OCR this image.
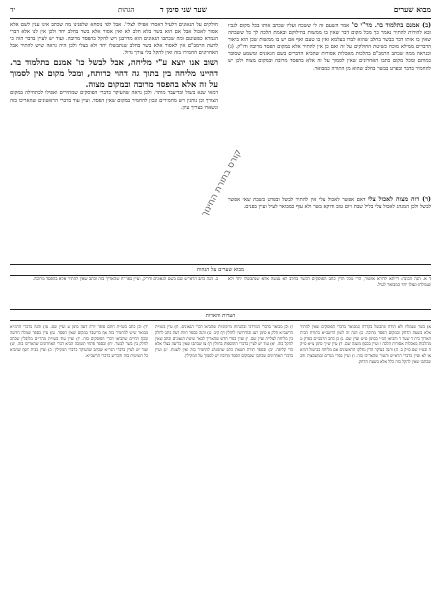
יד	הגהות	שער שני סימן ד	מבוא שערים
(ב) אמנם בתלמוד בר. מר"י כו' אמר השעם זה לי ששכח ועליו שכתב אותו בכל מקום לגביו ובא להורות להתיר נאמר כך מכל מקום דבר שאין בו ממשות בחילוקם ובאמת הלכה לך כל ששבתה שאין בו אותו דבר בבשר בחלב שהוא לבדו בעלמא ואין בו טעם ואף אם יש בו ממשות שכן הוא ביאור הדברים ממילא מוכח כשיטת החולקים על זה ואם כן אין להתיר אלא במקום הפסד מרובה ודו"ק. (ג) וכנראה ממה שכתב הרמב"ם בהלכות מאכלות אסורות שהביא הדברים בשם הגאונים ומשמע שסובר כמותם ומכל מקום כתבו האחרונים שאין לסמוך על זה אלא בהפסד מרובה ובמקום מצוה ולכן יש להחמיר בדבר ובפרט בבשר בחלב שהוא מן התורה כמבואר.
חולקים על הגאונים דלעיל דאסרו אפילו לצלי'. אבל לפי נוסחא שלפנינו מה שכתב אינו ענין לשם אלא אסור לאכול אבל אם הוא בשר בלא חלב לא ואין אסור אלא בשר בחלב יחד ולכן אין לנו אלא דברי הגמרא כפשוטם ומה שכתבו הגאונים הוא מדרבנן ויש להקל בהפסד מרובה. ועוד יש לעיין בדבר הזה כי לדעת הרמב"ם אין לאסור אלא בשר בחלב שנתבשלו יחד ולא בצלי ולכן היה נראה שיש להתיר אבל האחרונים החמירו בזה ואין להקל בלי צורך גדול.
ושוב אנו יוצא ע"י מליחה, אבל לבשל כו' אמנם בתלמוד בר. דהיינו מליחה בין בתוך גה דהוי כרותח, ומכל מקום אין לסמוך על זה אלא בהפסד מרובה ובמקום מצוה.
דמאי שנא בשול ובדיעבד מותר. ולכן נראה שהעיקר כדברי הפוסקים שמתירים ואפילו לכתחילה במקום הצורך וכן נוהגין ויש מחמירים ונכון להחמיר במקום שאין הפסד. ועיין עוד בדברי הראשונים שהאריכו בזה ונשארו בצריך עיון.
(ד) דוה מצוה לאכול צלי דאם אפשר לאכול צלי אין להתיר לבשל ובפרט בשבת שאי אפשר לבשל ולכן המנהג לאכול צלי בליל שבת ויום טוב ודוקא בשר ולא עוף כמבואר לעיל ועיין בפנים.
קורס בתורת החינוך
מבוא שערים על הגהות
ד א. הגה הכונה: דייתא לדורא אושור, הרי מכל הדין כתב הפוסקים דבשר בחלב לא נעשה אלא שנתבשלו יחד ולא שנמלחו ונצלו יחד כמבואר לעיל.
ב. הגה כתב הרא"ש שם בשם הגאונים ודו"ק, ועיין בפר"ח שהאריך בזה וכתב שאין להתיר אלא בהפסד מרובה.
הערות והארות
א) בשר שנמלח ולא הודח ונתבשל בקדרה כמבואר בדברי הפוסקים שאין להתיר אלא בשעת הדחק ובמקום הפסד מרובה. ב) הנה זה לשון הרשב"א בתורת הבית הארוך בית ד שער ד והביאו הב"י בסימן ס"ט ועיין שם. ג) כן כתב הרמב"ם בפרק ט מהלכות מאכלות אסורות הלכה ו ועיין בכסף משנה שם. ד) עיין ש"ך סימן צ"א ס"ק ה ובט"ז שם ס"ק ב. ה) והנה בעיקר הדין נחלקו הראשונים אם מליחה כבישול דמיא או לא ועיין בדברי הרא"ש והטור שהאריכו בזה. ו) ועיין בפרי מגדים ובמשבצות זהב שכתבו שאין להקל בזה כלל אלא בשעת הדחק.
ז) וכן מבואר בדברי המרדכי ובהגהות מיימוניות שהביאו דברי הגאונים. ח) עיין בשו"ת הרשב"א חלק א סימן רעג ובחידושיו לחולין דף קיב. ט) והנה בספר חוות דעת כתב לחלק בין מליחה לצלייה ועיין שם. י) ועיין בפרי חדש שהאריך לבאר שיטת הגאונים וכתב שאין להקל בזה. יא) עוד יש לעיין בדברי התוספות בחולין דף צז שכתבו שאין בליעה בצלי אלא כדי קליפה. יב) ובספר תורת חטאת כתב שהמנהג להחמיר בזה ואין לשנות. יג) ועיין בדברי האחרונים שכתבו שבמקום הפסד מרובה יש לסמוך על המקילין.
יד) וכן כתב בשו"ת חתם סופר יורה דעה סימן ע ועיין שם. טו) והנה בדברי הרמ"א מבואר שיש להחמיר בזה אף בדיעבד במקום שאין הפסד. טז) עיין בספר שמלה חדשה ובכף החיים שהביאו דברי הפוסקים בזה. יז) ועיין עוד בשו"ת מהר"ם מלובלין שכתב לחלק בין בשר לבשר. יח) ובספר פתחי תשובה הביא דברי האחרונים שהאריכו בזה. יט) ועוד יש לעיין בדברי הגר"א שכתב שהעיקר כדברי המקילין. כ) ועיין בבית יוסף שהביא כל השיטות בזה והכריע כדברי הרשב"א.
